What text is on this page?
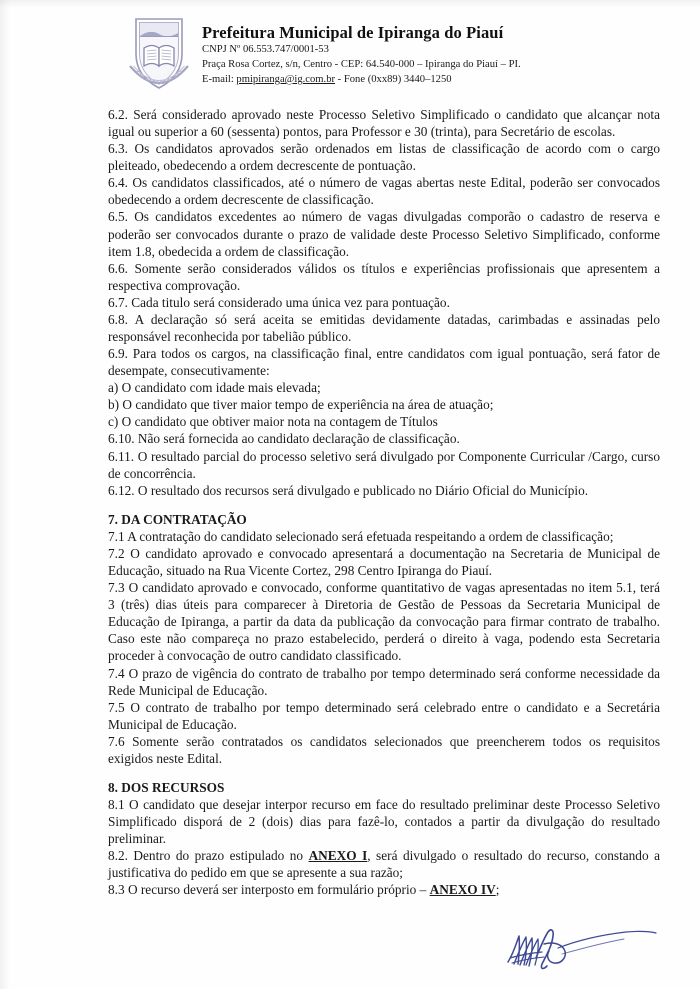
Prefeitura Municipal de Ipiranga do Piauí
CNPJ Nº 06.553.747/0001-53
Praça Rosa Cortez, s/n, Centro - CEP: 64.540-000 – Ipiranga do Piauí – PI.
E-mail: pmipiranga@ig.com.br - Fone (0xx89) 3440–1250

6.2. Será considerado aprovado neste Processo Seletivo Simplificado o candidato que alcançar nota igual ou superior a 60 (sessenta) pontos, para Professor e 30 (trinta), para Secretário de escolas.

6.3. Os candidatos aprovados serão ordenados em listas de classificação de acordo com o cargo pleiteado, obedecendo a ordem decrescente de pontuação.

6.4. Os candidatos classificados, até o número de vagas abertas neste Edital, poderão ser convocados obedecendo a ordem decrescente de classificação.

6.5. Os candidatos excedentes ao número de vagas divulgadas comporão o cadastro de reserva e poderão ser convocados durante o prazo de validade deste Processo Seletivo Simplificado, conforme item 1.8, obedecida a ordem de classificação.

6.6. Somente serão considerados válidos os títulos e experiências profissionais que apresentem a respectiva comprovação.

6.7. Cada titulo será considerado uma única vez para pontuação.

6.8. A declaração só será aceita se emitidas devidamente datadas, carimbadas e assinadas pelo responsável reconhecida por tabelião público.

6.9. Para todos os cargos, na classificação final, entre candidatos com igual pontuação, será fator de desempate, consecutivamente:

a) O candidato com idade mais elevada;

b) O candidato que tiver maior tempo de experiência na área de atuação;

c) O candidato que obtiver maior nota na contagem de Títulos

6.10. Não será fornecida ao candidato declaração de classificação.

6.11. O resultado parcial do processo seletivo será divulgado por Componente Curricular /Cargo, curso de concorrência.

6.12. O resultado dos recursos será divulgado e publicado no Diário Oficial do Município.

7. DA CONTRATAÇÃO

7.1 A contratação do candidato selecionado será efetuada respeitando a ordem de classificação;

7.2 O candidato aprovado e convocado apresentará a documentação na Secretaria de Municipal de Educação, situado na Rua Vicente Cortez, 298 Centro Ipiranga do Piauí.

7.3 O candidato aprovado e convocado, conforme quantitativo de vagas apresentadas no item 5.1, terá 3 (três) dias úteis para comparecer à Diretoria de Gestão de Pessoas da Secretaria Municipal de Educação de Ipiranga, a partir da data da publicação da convocação para firmar contrato de trabalho. Caso este não compareça no prazo estabelecido, perderá o direito à vaga, podendo esta Secretaria proceder à convocação de outro candidato classificado.

7.4 O prazo de vigência do contrato de trabalho por tempo determinado será conforme necessidade da Rede Municipal de Educação.

7.5 O contrato de trabalho por tempo determinado será celebrado entre o candidato e a Secretária Municipal de Educação.

7.6 Somente serão contratados os candidatos selecionados que preencherem todos os requisitos exigidos neste Edital.

8. DOS RECURSOS

8.1 O candidato que desejar interpor recurso em face do resultado preliminar deste Processo Seletivo Simplificado disporá de 2 (dois) dias para fazê-lo, contados a partir da divulgação do resultado preliminar.

8.2. Dentro do prazo estipulado no ANEXO I, será divulgado o resultado do recurso, constando a justificativa do pedido em que se apresente a sua razão;

8.3 O recurso deverá ser interposto em formulário próprio – ANEXO IV;
